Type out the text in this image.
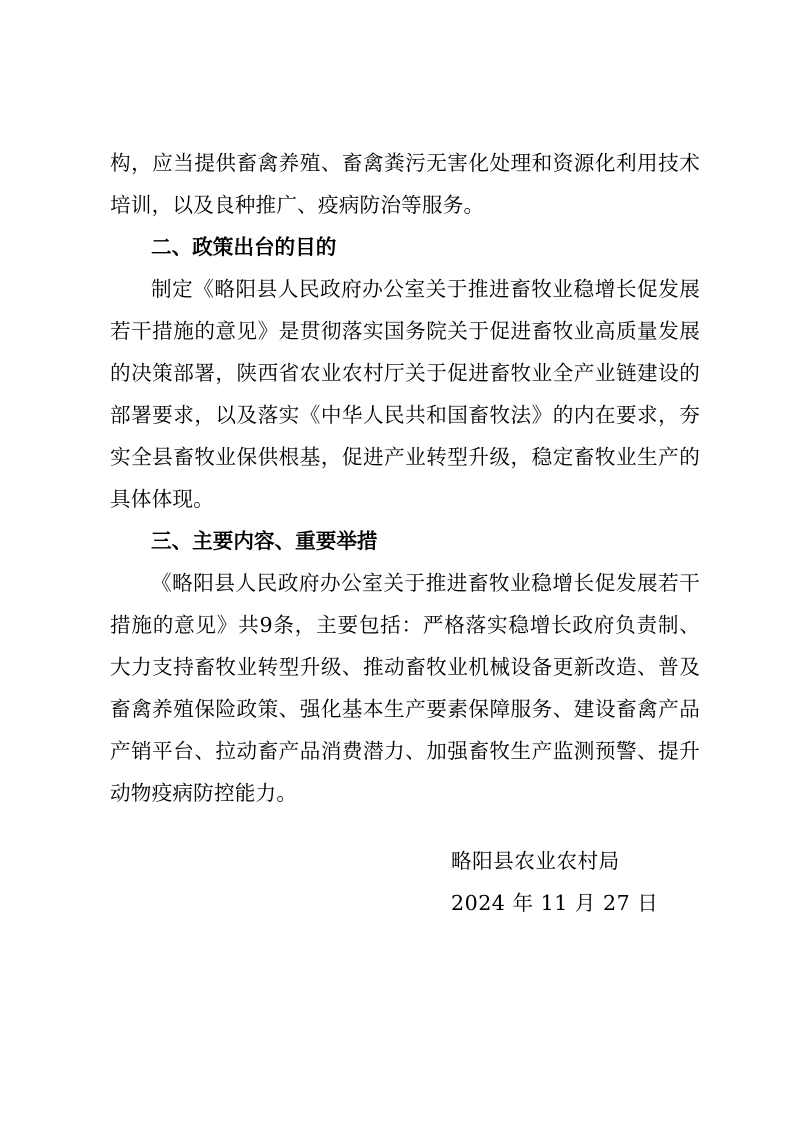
构，应当提供畜禽养殖、畜禽粪污无害化处理和资源化利用技术培训，以及良种推广、疫病防治等服务。

二、政策出台的目的

制定《略阳县人民政府办公室关于推进畜牧业稳增长促发展若干措施的意见》是贯彻落实国务院关于促进畜牧业高质量发展的决策部署，陕西省农业农村厅关于促进畜牧业全产业链建设的部署要求，以及落实《中华人民共和国畜牧法》的内在要求，夯实全县畜牧业保供根基，促进产业转型升级，稳定畜牧业生产的具体体现。

三、主要内容、重要举措

《略阳县人民政府办公室关于推进畜牧业稳增长促发展若干措施的意见》共9条，主要包括：严格落实稳增长政府负责制、大力支持畜牧业转型升级、推动畜牧业机械设备更新改造、普及畜禽养殖保险政策、强化基本生产要素保障服务、建设畜禽产品产销平台、拉动畜产品消费潜力、加强畜牧生产监测预警、提升动物疫病防控能力。

略阳县农业农村局

2024 年 11 月 27 日
